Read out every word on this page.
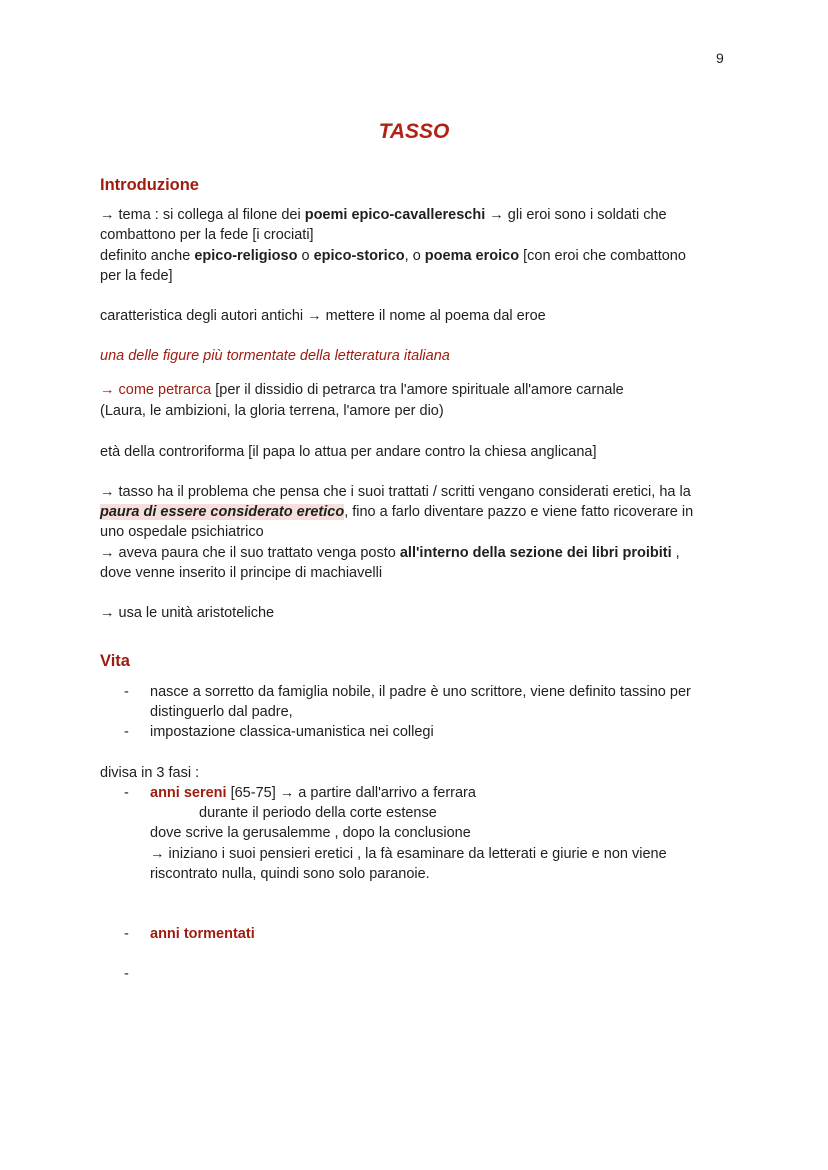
9
TASSO
Introduzione
→ tema : si collega al filone dei poemi epico-cavallereschi → gli eroi sono i soldati che
combattono per la fede [i crociati]
definito anche epico-religioso o epico-storico, o poema eroico [con eroi che combattono
per la fede]
caratteristica degli autori antichi → mettere il nome al poema dal eroe
una delle figure più tormentate della letteratura italiana
→ come petrarca [per il dissidio di petrarca tra l'amore spirituale all'amore carnale
(Laura, le ambizioni, la gloria terrena, l'amore per dio)
età della controriforma [il papa lo attua per andare contro la chiesa anglicana]
→ tasso ha il problema che pensa che i suoi trattati / scritti vengano considerati eretici, ha la
paura di essere considerato eretico, fino a farlo diventare pazzo e viene fatto ricoverare in
uno ospedale psichiatrico
→ aveva paura che il suo trattato venga posto all'interno della sezione dei libri proibiti ,
dove venne inserito il principe di machiavelli
→ usa le unità aristoteliche
Vita
- nasce a sorretto da famiglia nobile, il padre è uno scrittore, viene definito tassino per
distinguerlo dal padre,
- impostazione classica-umanistica nei collegi
divisa in 3 fasi :
- anni sereni [65-75] → a partire dall'arrivo a ferrara
durante il periodo della corte estense
dove scrive la gerusalemme , dopo la conclusione
→ iniziano i suoi pensieri eretici , la fà esaminare da letterati e giurie e non viene
riscontrato nulla, quindi sono solo paranoie.
- anni tormentati
-
